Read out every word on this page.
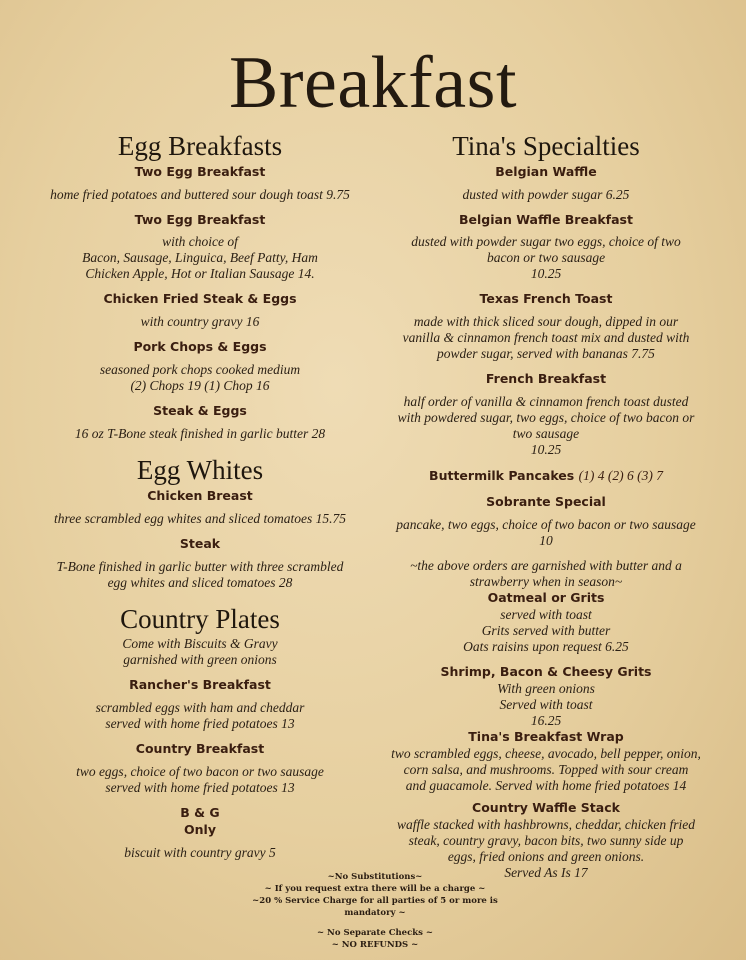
Breakfast
Egg Breakfasts
Two Egg Breakfast
home fried potatoes and buttered sour dough toast 9.75
Two Egg Breakfast
with choice of
Bacon, Sausage, Linguica, Beef Patty, Ham
Chicken Apple, Hot or Italian Sausage 14.
Chicken Fried Steak & Eggs
with country gravy 16
Pork Chops & Eggs
seasoned pork chops cooked medium
(2) Chops 19 (1) Chop 16
Steak & Eggs
16 oz T-Bone steak finished in garlic butter 28
Egg Whites
Chicken Breast
three scrambled egg whites and sliced tomatoes 15.75
Steak
T-Bone finished in garlic butter with three scrambled
egg whites and sliced tomatoes 28
Country Plates
Come with Biscuits & Gravy
garnished with green onions
Rancher's Breakfast
scrambled eggs with ham and cheddar
served with home fried potatoes 13
Country Breakfast
two eggs, choice of two bacon or two sausage
served with home fried potatoes 13
B & G
Only
biscuit with country gravy 5
Tina's Specialties
Belgian Waffle
dusted with powder sugar 6.25
Belgian Waffle Breakfast
dusted with powder sugar two eggs, choice of two
bacon or two sausage
10.25
Texas French Toast
made with thick sliced sour dough, dipped in our
vanilla & cinnamon french toast mix and dusted with
powder sugar, served with bananas 7.75
French Breakfast
half order of vanilla & cinnamon french toast dusted
with powdered sugar, two eggs, choice of two bacon or
two sausage
10.25
Buttermilk Pancakes (1) 4 (2) 6 (3) 7
Sobrante Special
pancake, two eggs, choice of two bacon or two sausage
10
~the above orders are garnished with butter and a
strawberry when in season~
Oatmeal or Grits
served with toast
Grits served with butter
Oats raisins upon request 6.25
Shrimp, Bacon & Cheesy Grits
With green onions
Served with toast
16.25
Tina's Breakfast Wrap
two scrambled eggs, cheese, avocado, bell pepper, onion,
corn salsa, and mushrooms. Topped with sour cream
and guacamole. Served with home fried potatoes 14
Country Waffle Stack
waffle stacked with hashbrowns, cheddar, chicken fried
steak, country gravy, bacon bits, two sunny side up
eggs, fried onions and green onions.
Served As Is 17
~No Substitutions~
~ If you request extra there will be a charge ~
~20 % Service Charge for all parties of 5 or more is mandatory ~
~ No Separate Checks ~
~ NO REFUNDS ~
